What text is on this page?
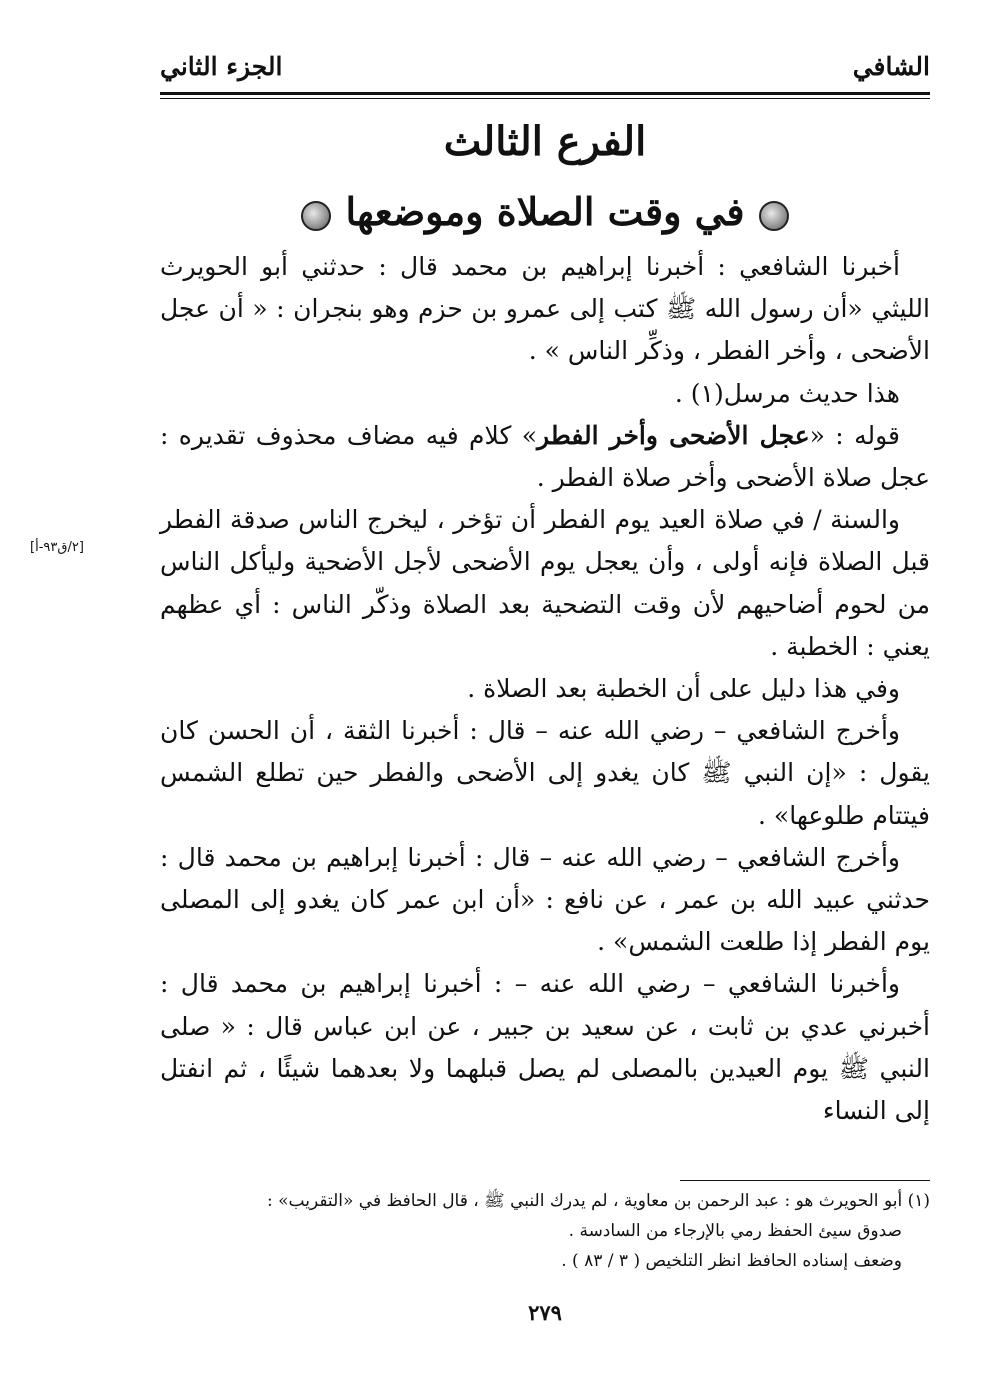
الشافي
الجزء الثاني
الفرع الثالث
في وقت الصلاة وموضعها

أخبرنا الشافعي : أخبرنا إبراهيم بن محمد قال : حدثني أبو الحويرث الليثي «أن رسول الله ﷺ كتب إلى عمرو بن حزم وهو بنجران : « أن عجل الأضحى ، وأخر الفطر ، وذكِّر الناس » .

هذا حديث مرسل(١) .

قوله : «عجل الأضحى وأخر الفطر» كلام فيه مضاف محذوف تقديره : عجل صلاة الأضحى وأخر صلاة الفطر .

والسنة / في صلاة العيد يوم الفطر أن تؤخر ، ليخرج الناس صدقة الفطر قبل الصلاة فإنه أولى ، وأن يعجل يوم الأضحى لأجل الأضحية وليأكل الناس من لحوم أضاحيهم لأن وقت التضحية بعد الصلاة وذكّر الناس : أي عظهم يعني : الخطبة .

وفي هذا دليل على أن الخطبة بعد الصلاة .

وأخرج الشافعي – رضي الله عنه – قال : أخبرنا الثقة ، أن الحسن كان يقول : «إن النبي ﷺ كان يغدو إلى الأضحى والفطر حين تطلع الشمس فيتتام طلوعها» .

وأخرج الشافعي – رضي الله عنه – قال : أخبرنا إبراهيم بن محمد قال : حدثني عبيد الله بن عمر ، عن نافع : «أن ابن عمر كان يغدو إلى المصلى يوم الفطر إذا طلعت الشمس» .

وأخبرنا الشافعي – رضي الله عنه – : أخبرنا إبراهيم بن محمد قال : أخبرني عدي بن ثابت ، عن سعيد بن جبير ، عن ابن عباس قال : « صلى النبي ﷺ يوم العيدين بالمصلى لم يصل قبلهما ولا بعدهما شيئًا ، ثم انفتل إلى النساء

[٢/ق٩٣-أ]

(١) أبو الحويرث هو : عبد الرحمن بن معاوية ، لم يدرك النبي ﷺ ، قال الحافظ في «التقريب» :

صدوق سيئ الحفظ رمي بالإرجاء من السادسة .

وضعف إسناده الحافظ انظر التلخيص ( ٣ / ٨٣ ) .

٢٧٩
